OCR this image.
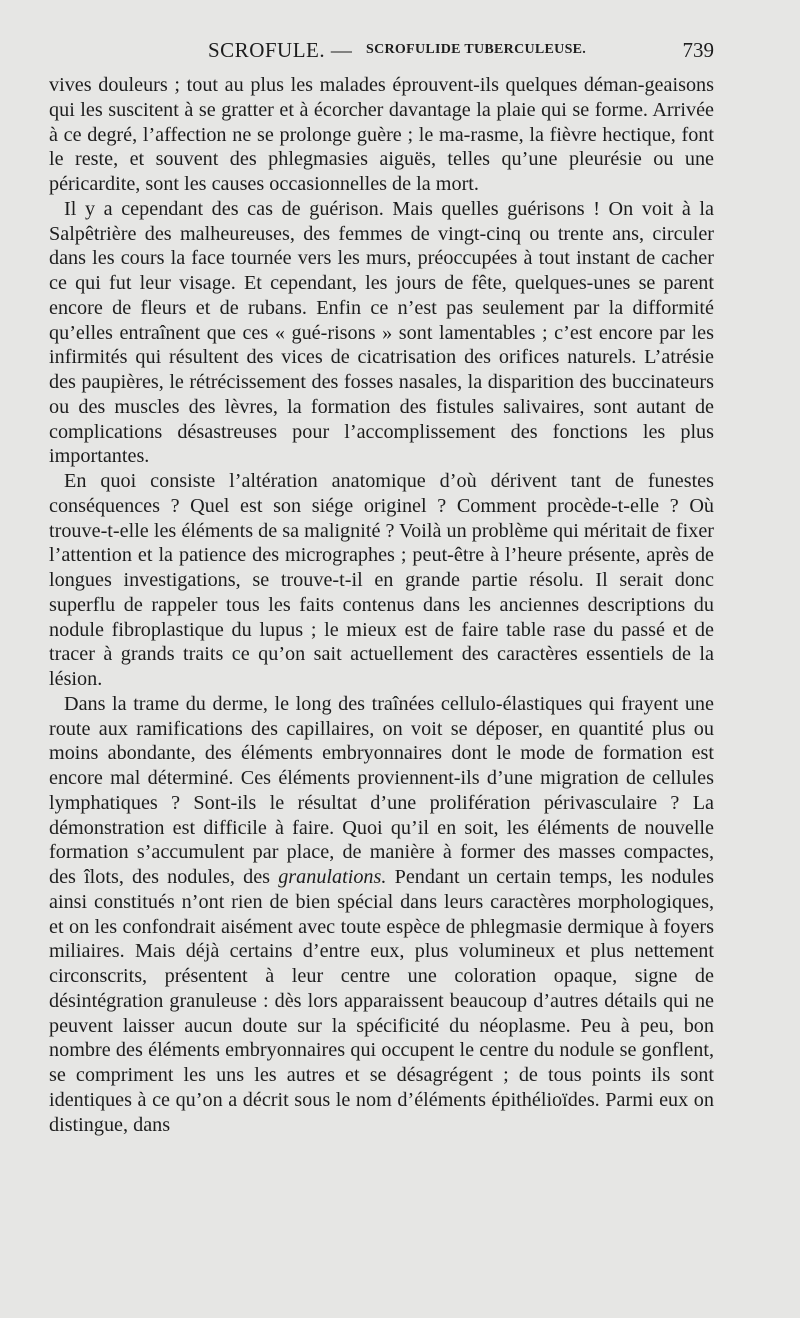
SCROFULE. — SCROFULIDE TUBERCULEUSE.	739

vives douleurs ; tout au plus les malades éprouvent-ils quelques déman-geaisons qui les suscitent à se gratter et à écorcher davantage la plaie qui se forme. Arrivée à ce degré, l’affection ne se prolonge guère ; le ma-rasme, la fièvre hectique, font le reste, et souvent des phlegmasies aiguës, telles qu’une pleurésie ou une péricardite, sont les causes occasionnelles de la mort.

Il y a cependant des cas de guérison. Mais quelles guérisons ! On voit à la Salpêtrière des malheureuses, des femmes de vingt-cinq ou trente ans, circuler dans les cours la face tournée vers les murs, préoccupées à tout instant de cacher ce qui fut leur visage. Et cependant, les jours de fête, quelques-unes se parent encore de fleurs et de rubans. Enfin ce n’est pas seulement par la difformité qu’elles entraînent que ces « gué-risons » sont lamentables ; c’est encore par les infirmités qui résultent des vices de cicatrisation des orifices naturels. L’atrésie des paupières, le rétrécissement des fosses nasales, la disparition des buccinateurs ou des muscles des lèvres, la formation des fistules salivaires, sont autant de complications désastreuses pour l’accomplissement des fonctions les plus importantes.

En quoi consiste l’altération anatomique d’où dérivent tant de funestes conséquences ? Quel est son siége originel ? Comment procède-t-elle ? Où trouve-t-elle les éléments de sa malignité ? Voilà un problème qui méritait de fixer l’attention et la patience des micrographes ; peut-être à l’heure présente, après de longues investigations, se trouve-t-il en grande partie résolu. Il serait donc superflu de rappeler tous les faits contenus dans les anciennes descriptions du nodule fibroplastique du lupus ; le mieux est de faire table rase du passé et de tracer à grands traits ce qu’on sait actuellement des caractères essentiels de la lésion.

Dans la trame du derme, le long des traînées cellulo-élastiques qui frayent une route aux ramifications des capillaires, on voit se déposer, en quantité plus ou moins abondante, des éléments embryonnaires dont le mode de formation est encore mal déterminé. Ces éléments proviennent-ils d’une migration de cellules lymphatiques ? Sont-ils le résultat d’une prolifération périvasculaire ? La démonstration est difficile à faire. Quoi qu’il en soit, les éléments de nouvelle formation s’accumulent par place, de manière à former des masses compactes, des îlots, des nodules, des granulations. Pendant un certain temps, les nodules ainsi constitués n’ont rien de bien spécial dans leurs caractères morphologiques, et on les confondrait aisément avec toute espèce de phlegmasie dermique à foyers miliaires. Mais déjà certains d’entre eux, plus volumineux et plus nettement circonscrits, présentent à leur centre une coloration opaque, signe de désintégration granuleuse : dès lors apparaissent beaucoup d’autres détails qui ne peuvent laisser aucun doute sur la spécificité du néoplasme. Peu à peu, bon nombre des éléments embryonnaires qui occupent le centre du nodule se gonflent, se compriment les uns les autres et se désagrégent ; de tous points ils sont identiques à ce qu’on a décrit sous le nom d’éléments épithélioïdes. Parmi eux on distingue, dans
